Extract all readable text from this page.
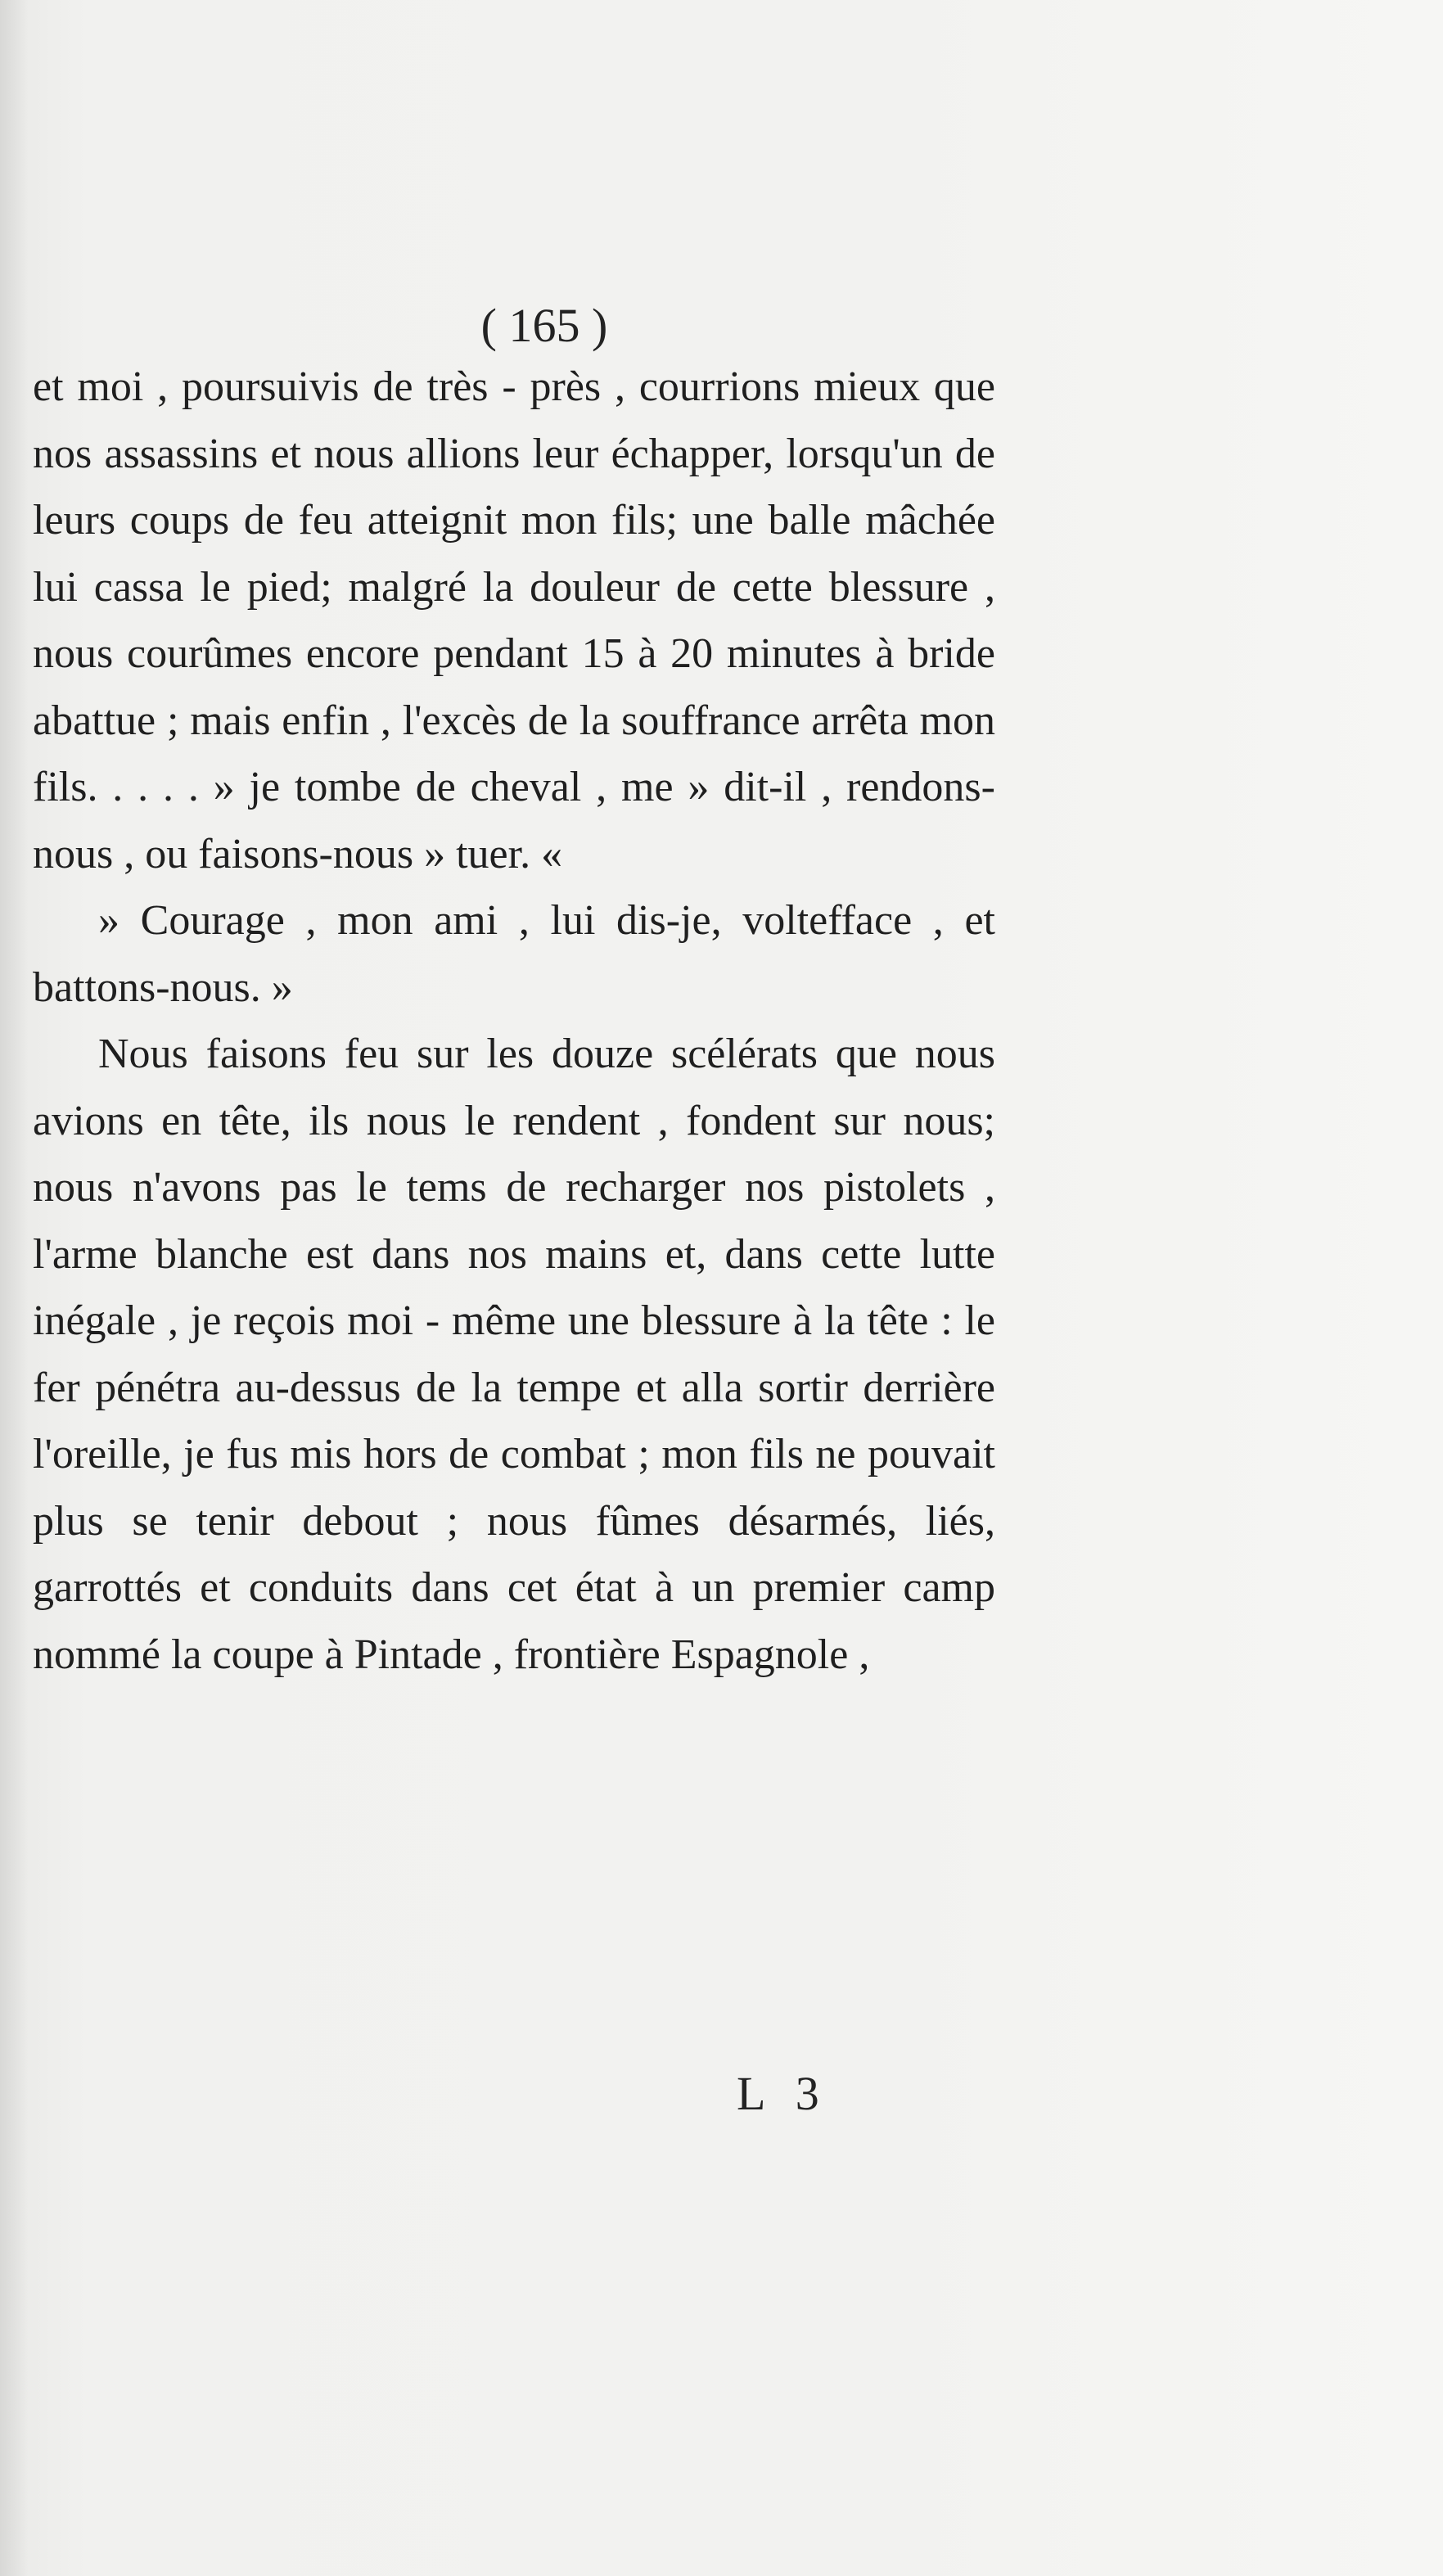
( 165 )

et moi , poursuivis de très - près , courrions mieux que nos assassins et nous allions leur échapper, lorsqu'un de leurs coups de feu atteignit mon fils; une balle mâchée lui cassa le pied; malgré la douleur de cette blessure , nous courûmes encore pendant 15 à 20 minutes à bride abattue ; mais enfin , l'excès de la souffrance arrêta mon fils. . . . . » je tombe de cheval , me » dit-il , rendons-nous , ou faisons-nous » tuer. «

» Courage , mon ami , lui dis-je, voltefface , et battons-nous. »

Nous faisons feu sur les douze scélérats que nous avions en tête, ils nous le rendent , fondent sur nous; nous n'avons pas le tems de recharger nos pistolets , l'arme blanche est dans nos mains et, dans cette lutte inégale , je reçois moi - même une blessure à la tête : le fer pénétra au-dessus de la tempe et alla sortir derrière l'oreille, je fus mis hors de combat ; mon fils ne pouvait plus se tenir debout ; nous fûmes désarmés, liés, garrottés et conduits dans cet état à un premier camp nommé la coupe à Pintade , frontière Espagnole ,

L 3
